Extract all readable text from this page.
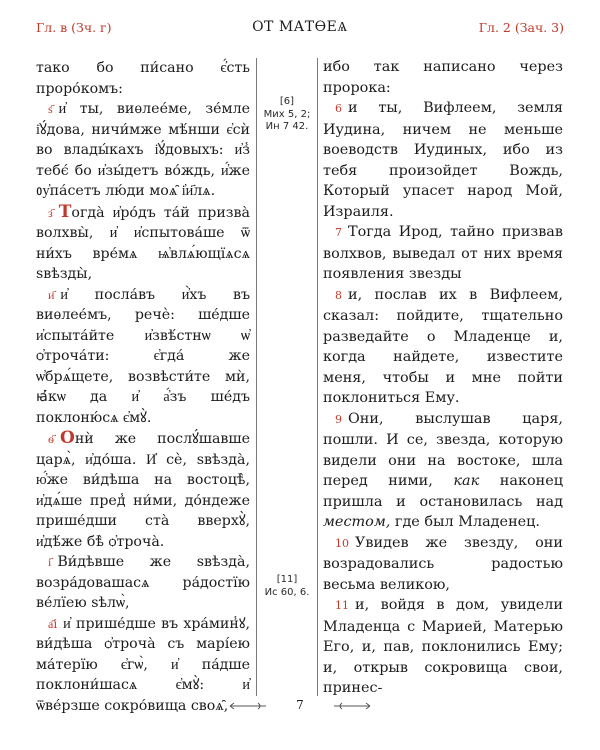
Гл. в (Зч. г)	ОТ МАТѲЕѦ	Гл. 2 (Зач. 3)

тако бо пи́сано є҆́сть проро́комъ:

ѕ҃ и҆ ты, виѳлее́ме, зе́мле і҆ꙋ́дова, ничи́мже мѣ́нши є҆сѝ во влады́кахъ і҆ꙋ́довыхъ: и҆з̾ тебє́ бо и҆зы́детъ во́ждь, и҆́же ᲂу҆па́сетъ лю́ди моѧ̑ і҆и҃лѧ.

з҃ Тогда̀ и҆ро́дъ та́й призва̀ волхвы̀, и҆ и҆спытова́ше ѿ ни́хъ вре́мѧ ѩ҆влѧ́ющїѧсѧ ѕвѣзды̀,

и҃ и҆ посла́въ и҆̀хъ въ виѳлее́мъ, речѐ: ше́дше и҆спыта́йте и҆звѣ́стнѡ ѡ҆ ѻ҆троча́ти: є҆гда́ же ѡ҆брѧ́щете, возвѣсти́те мѝ, ꙗ҆́кѡ да и҆ а҆́зъ ше́дъ поклоню́сѧ є҆мꙋ̀.

ѳ҃ Онѝ же послꙋ́шавше царѧ̀, и҆до́ша. И҆ сѐ, ѕвѣзда̀, ю҆́же ви́дѣша на востоцѣ̀, и҆дѧ́ше пред̾ ни́ми, до́ндеже прише́дши ста̀ вверхꙋ̀, и҆дѣ́же бѣ̀ ѻ҆троча̀.

і҃ Ви́дѣвше же ѕвѣзда̀, возра́довашасѧ ра́достїю ве́лїею ѕѣлѡ̀,

а҃і и҆ прише́дше въ хра́мин̾ꙋ, ви́дѣша ѻ҆троча̀ съ марі́ею ма́терїю є҆гѡ̀, и҆ па́дше поклони́шасѧ є҆мꙋ̀: и҆ ѿве́рзше сокро́вища своѧ̑,

[6]
Мих 5, 2;
Ин 7 42.
[11]
Ис 60, 6.

ибо так написано через пророка:

6 и ты, Вифлеем, земля Иудина, ничем не меньше воеводств Иудиных, ибо из тебя произойдет Вождь, Который упасет народ Мой, Израиля.

7 Тогда Ирод, тайно призвав волхвов, выведал от них время появления звезды

8 и, послав их в Вифлеем, сказал: пойдите, тщательно разведайте о Младенце и, когда найдете, известите меня, чтобы и мне пойти поклониться Ему.

9 Они, выслушав царя, пошли. И се, звезда, которую видели они на востоке, шла перед ними, как наконец пришла и остановилась над местом, где был Младенец.

10 Увидев же звезду, они возрадовались радостью весьма великою,

11 и, войдя в дом, увидели Младенца с Марией, Матерью Его, и, пав, поклонились Ему; и, открыв сокровища свои, принес-

7
